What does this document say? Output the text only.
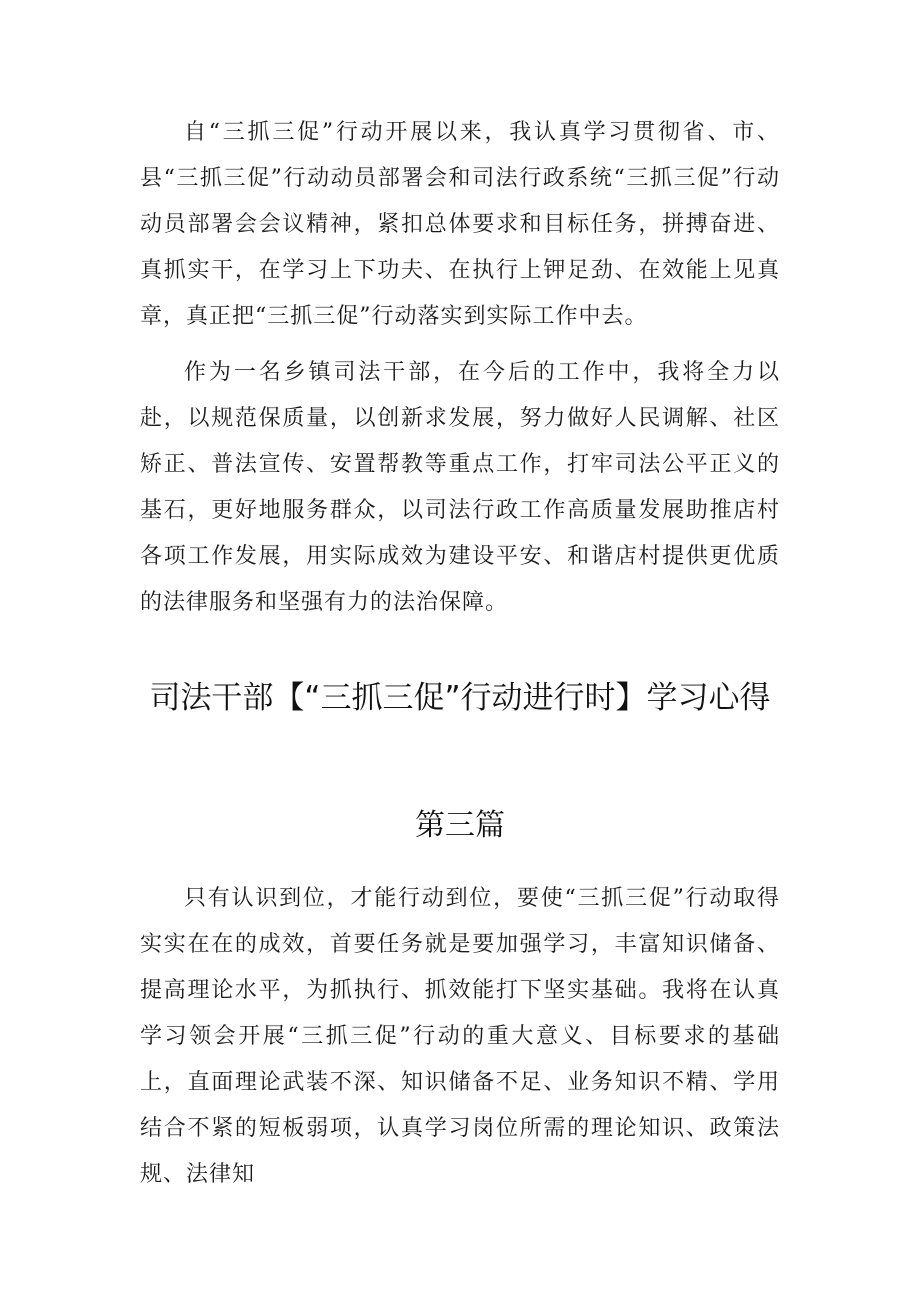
自“三抓三促”行动开展以来，我认真学习贯彻省、市、县“三抓三促”行动动员部署会和司法行政系统“三抓三促”行动动员部署会会议精神，紧扣总体要求和目标任务，拼搏奋进、真抓实干，在学习上下功夫、在执行上钾足劲、在效能上见真章，真正把“三抓三促”行动落实到实际工作中去。

作为一名乡镇司法干部，在今后的工作中，我将全力以赴，以规范保质量，以创新求发展，努力做好人民调解、社区矫正、普法宣传、安置帮教等重点工作，打牢司法公平正义的基石，更好地服务群众，以司法行政工作高质量发展助推店村各项工作发展，用实际成效为建设平安、和谐店村提供更优质的法律服务和坚强有力的法治保障。

司法干部【“三抓三促”行动进行时】学习心得
第三篇

只有认识到位，才能行动到位，要使“三抓三促”行动取得实实在在的成效，首要任务就是要加强学习，丰富知识储备、提高理论水平，为抓执行、抓效能打下坚实基础。我将在认真学习领会开展“三抓三促”行动的重大意义、目标要求的基础上，直面理论武装不深、知识储备不足、业务知识不精、学用结合不紧的短板弱项，认真学习岗位所需的理论知识、政策法规、法律知
